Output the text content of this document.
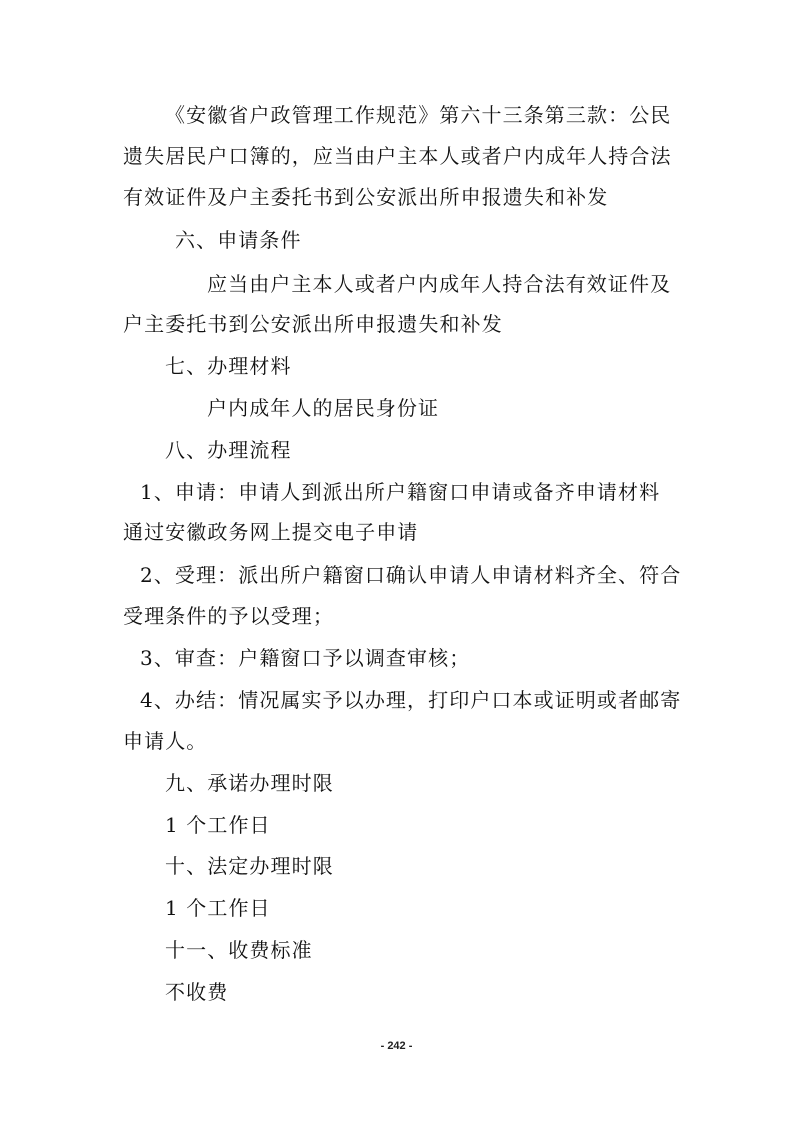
《安徽省户政管理工作规范》第六十三条第三款：公民

遗失居民户口簿的，应当由户主本人或者户内成年人持合法

有效证件及户主委托书到公安派出所申报遗失和补发

六、申请条件

应当由户主本人或者户内成年人持合法有效证件及

户主委托书到公安派出所申报遗失和补发

七、办理材料

户内成年人的居民身份证

八、办理流程

1、申请：申请人到派出所户籍窗口申请或备齐申请材料

通过安徽政务网上提交电子申请

2、受理：派出所户籍窗口确认申请人申请材料齐全、符合

受理条件的予以受理；

3、审查：户籍窗口予以调查审核；

4、办结：情况属实予以办理，打印户口本或证明或者邮寄

申请人。

九、承诺办理时限

1 个工作日

十、法定办理时限

1 个工作日

十一、收费标准

不收费

- 242 -
